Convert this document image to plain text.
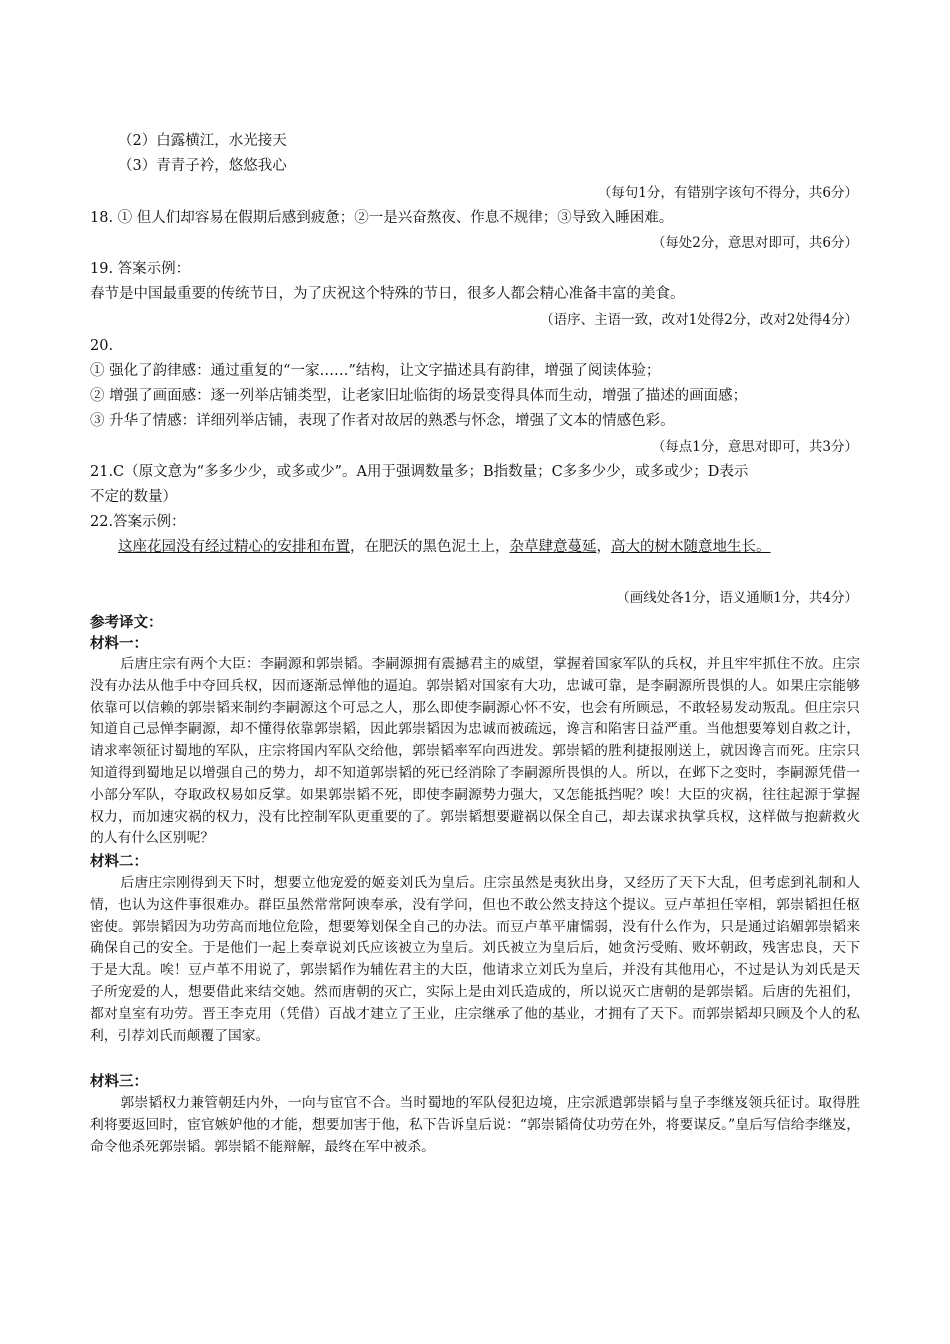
（2）白露横江，水光接天
（3）青青子衿，悠悠我心
（每句1分，有错别字该句不得分，共6分）
18. ① 但人们却容易在假期后感到疲惫；②一是兴奋熬夜、作息不规律；③导致入睡困难。
（每处2分，意思对即可，共6分）
19. 答案示例：
春节是中国最重要的传统节日，为了庆祝这个特殊的节日，很多人都会精心准备丰富的美食。
（语序、主语一致，改对1处得2分，改对2处得4分）
20.
① 强化了韵律感：通过重复的“一家……”结构，让文字描述具有韵律，增强了阅读体验；
② 增强了画面感：逐一列举店铺类型，让老家旧址临街的场景变得具体而生动，增强了描述的画面感；
③ 升华了情感：详细列举店铺，表现了作者对故居的熟悉与怀念，增强了文本的情感色彩。
（每点1分，意思对即可，共3分）
21.C（原文意为“多多少少，或多或少”。A用于强调数量多；B指数量；C多多少少，或多或少；D表示
不定的数量）
22.答案示例：
这座花园没有经过精心的安排和布置，在肥沃的黑色泥土上，杂草肆意蔓延，高大的树木随意地生长。
（画线处各1分，语义通顺1分，共4分）
参考译文：
材料一：
后唐庄宗有两个大臣：李嗣源和郭崇韬。李嗣源拥有震撼君主的威望，掌握着国家军队的兵权，并且牢牢抓住不放。庄宗没有办法从他手中夺回兵权，因而逐渐忌惮他的逼迫。郭崇韬对国家有大功，忠诚可靠，是李嗣源所畏惧的人。如果庄宗能够依靠可以信赖的郭崇韬来制约李嗣源这个可忌之人，那么即使李嗣源心怀不安，也会有所顾忌，不敢轻易发动叛乱。但庄宗只知道自己忌惮李嗣源，却不懂得依靠郭崇韬，因此郭崇韬因为忠诚而被疏远，谗言和陷害日益严重。当他想要筹划自救之计，请求率领征讨蜀地的军队，庄宗将国内军队交给他，郭崇韬率军向西进发。郭崇韬的胜利捷报刚送上，就因谗言而死。庄宗只知道得到蜀地足以增强自己的势力，却不知道郭崇韬的死已经消除了李嗣源所畏惧的人。所以，在邺下之变时，李嗣源凭借一小部分军队，夺取政权易如反掌。如果郭崇韬不死，即使李嗣源势力强大，又怎能抵挡呢？唉！大臣的灾祸，往往起源于掌握权力，而加速灾祸的权力，没有比控制军队更重要的了。郭崇韬想要避祸以保全自己，却去谋求执掌兵权，这样做与抱薪救火的人有什么区别呢？
材料二：
后唐庄宗刚得到天下时，想要立他宠爱的姬妾刘氏为皇后。庄宗虽然是夷狄出身，又经历了天下大乱，但考虑到礼制和人情，也认为这件事很难办。群臣虽然常常阿谀奉承，没有学问，但也不敢公然支持这个提议。豆卢革担任宰相，郭崇韬担任枢密使。郭崇韬因为功劳高而地位危险，想要筹划保全自己的办法。而豆卢革平庸懦弱，没有什么作为，只是通过谄媚郭崇韬来确保自己的安全。于是他们一起上奏章说刘氏应该被立为皇后。刘氏被立为皇后后，她贪污受贿、败坏朝政，残害忠良，天下于是大乱。唉！豆卢革不用说了，郭崇韬作为辅佐君主的大臣，他请求立刘氏为皇后，并没有其他用心，不过是认为刘氏是天子所宠爱的人，想要借此来结交她。然而唐朝的灭亡，实际上是由刘氏造成的，所以说灭亡唐朝的是郭崇韬。后唐的先祖们，都对皇室有功劳。晋王李克用（凭借）百战才建立了王业，庄宗继承了他的基业，才拥有了天下。而郭崇韬却只顾及个人的私利，引荐刘氏而颠覆了国家。
材料三：
郭崇韬权力兼管朝廷内外，一向与宦官不合。当时蜀地的军队侵犯边境，庄宗派遣郭崇韬与皇子李继岌领兵征讨。取得胜利将要返回时，宦官嫉妒他的才能，想要加害于他，私下告诉皇后说：“郭崇韬倚仗功劳在外，将要谋反。”皇后写信给李继岌，命令他杀死郭崇韬。郭崇韬不能辩解，最终在军中被杀。
